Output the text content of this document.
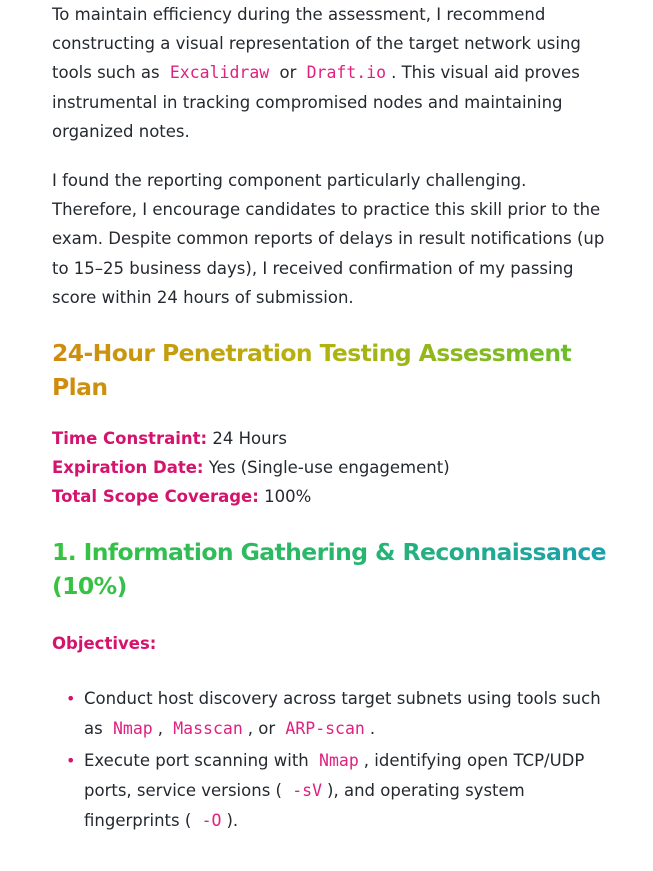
To maintain efficiency during the assessment, I recommend constructing a visual representation of the target network using tools such as Excalidraw or Draft.io . This visual aid proves instrumental in tracking compromised nodes and maintaining organized notes.

I found the reporting component particularly challenging. Therefore, I encourage candidates to practice this skill prior to the exam. Despite common reports of delays in result notifications (up to 15–25 business days), I received confirmation of my passing score within 24 hours of submission.

24-Hour Penetration Testing Assessment Plan
Time Constraint: 24 Hours
Expiration Date: Yes (Single-use engagement)
Total Scope Coverage: 100%
1. Information Gathering & Reconnaissance (10%)
Objectives:
• Conduct host discovery across target subnets using tools such as Nmap , Masscan , or ARP-scan .
• Execute port scanning with Nmap , identifying open TCP/UDP ports, service versions ( -sV ), and operating system fingerprints ( -O ).
